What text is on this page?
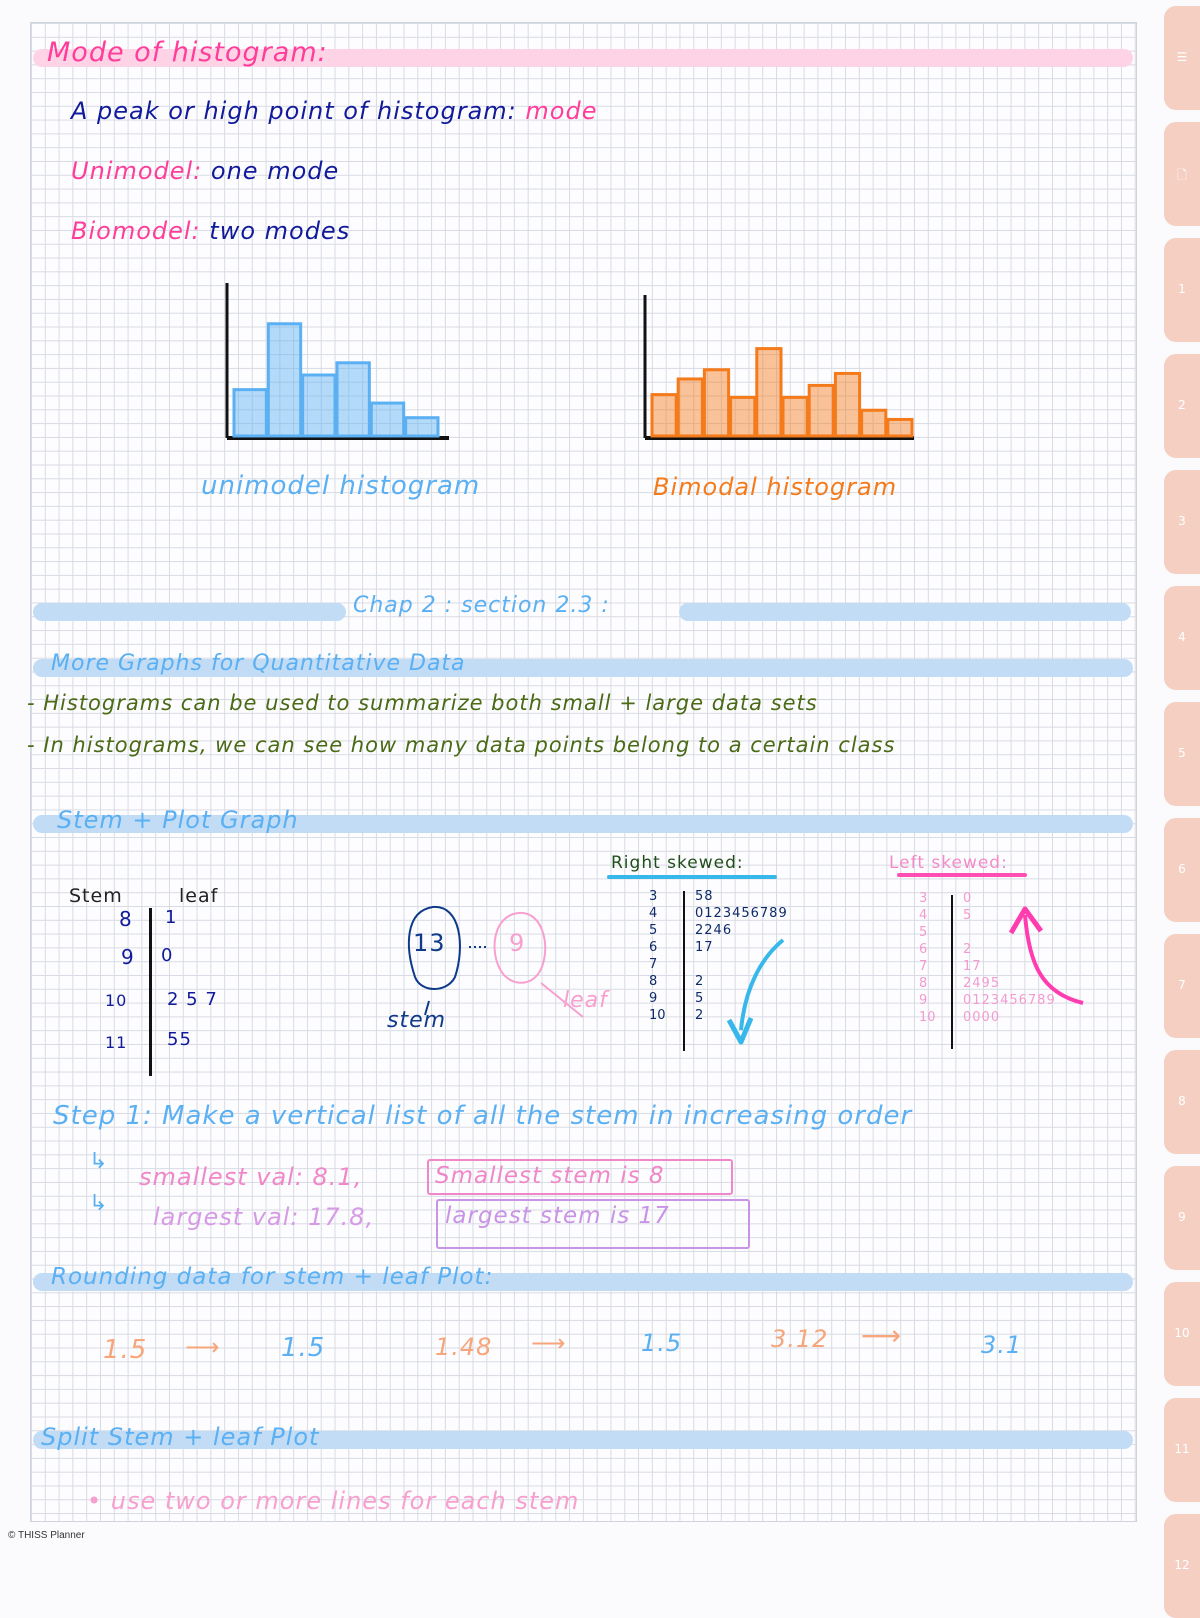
Mode of histogram:
A peak or high point of histogram: mode
Unimodel: one mode
Biomodel: two modes
unimodel histogram	Bimodal histogram
Chap 2 : section 2.3 :
More Graphs for Quantitative Data
- Histograms can be used to summarize both small + large data sets
- In histograms, we can see how many data points belong to a certain class
Stem + Plot Graph
Stem	leaf
8 1
9 0
10 2 5 7
11 55
13	9
stem
leaf
Right skewed:
3	58
4	0123456789
5	2246
6	17
7
8	2
9	5
10 2
Left skewed:
3	0
4	5
5
6	2
7	17
8	2495
9	0123456789
10 0000
Step 1: Make a vertical list of all the stem in increasing order
↳
smallest val: 8.1,	Smallest stem is 8
↳ largest val: 17.8,	largest stem is 17
Rounding data for stem + leaf Plot:
1.5 ⟶ 1.5	1.48 ⟶	1.5	3.12 ⟶	3.1
Split Stem + leaf Plot
• use two or more lines for each stem
☰
🗋
1
2
3
4
5
6
7
8
9
10
11
12
© THISS Planner
